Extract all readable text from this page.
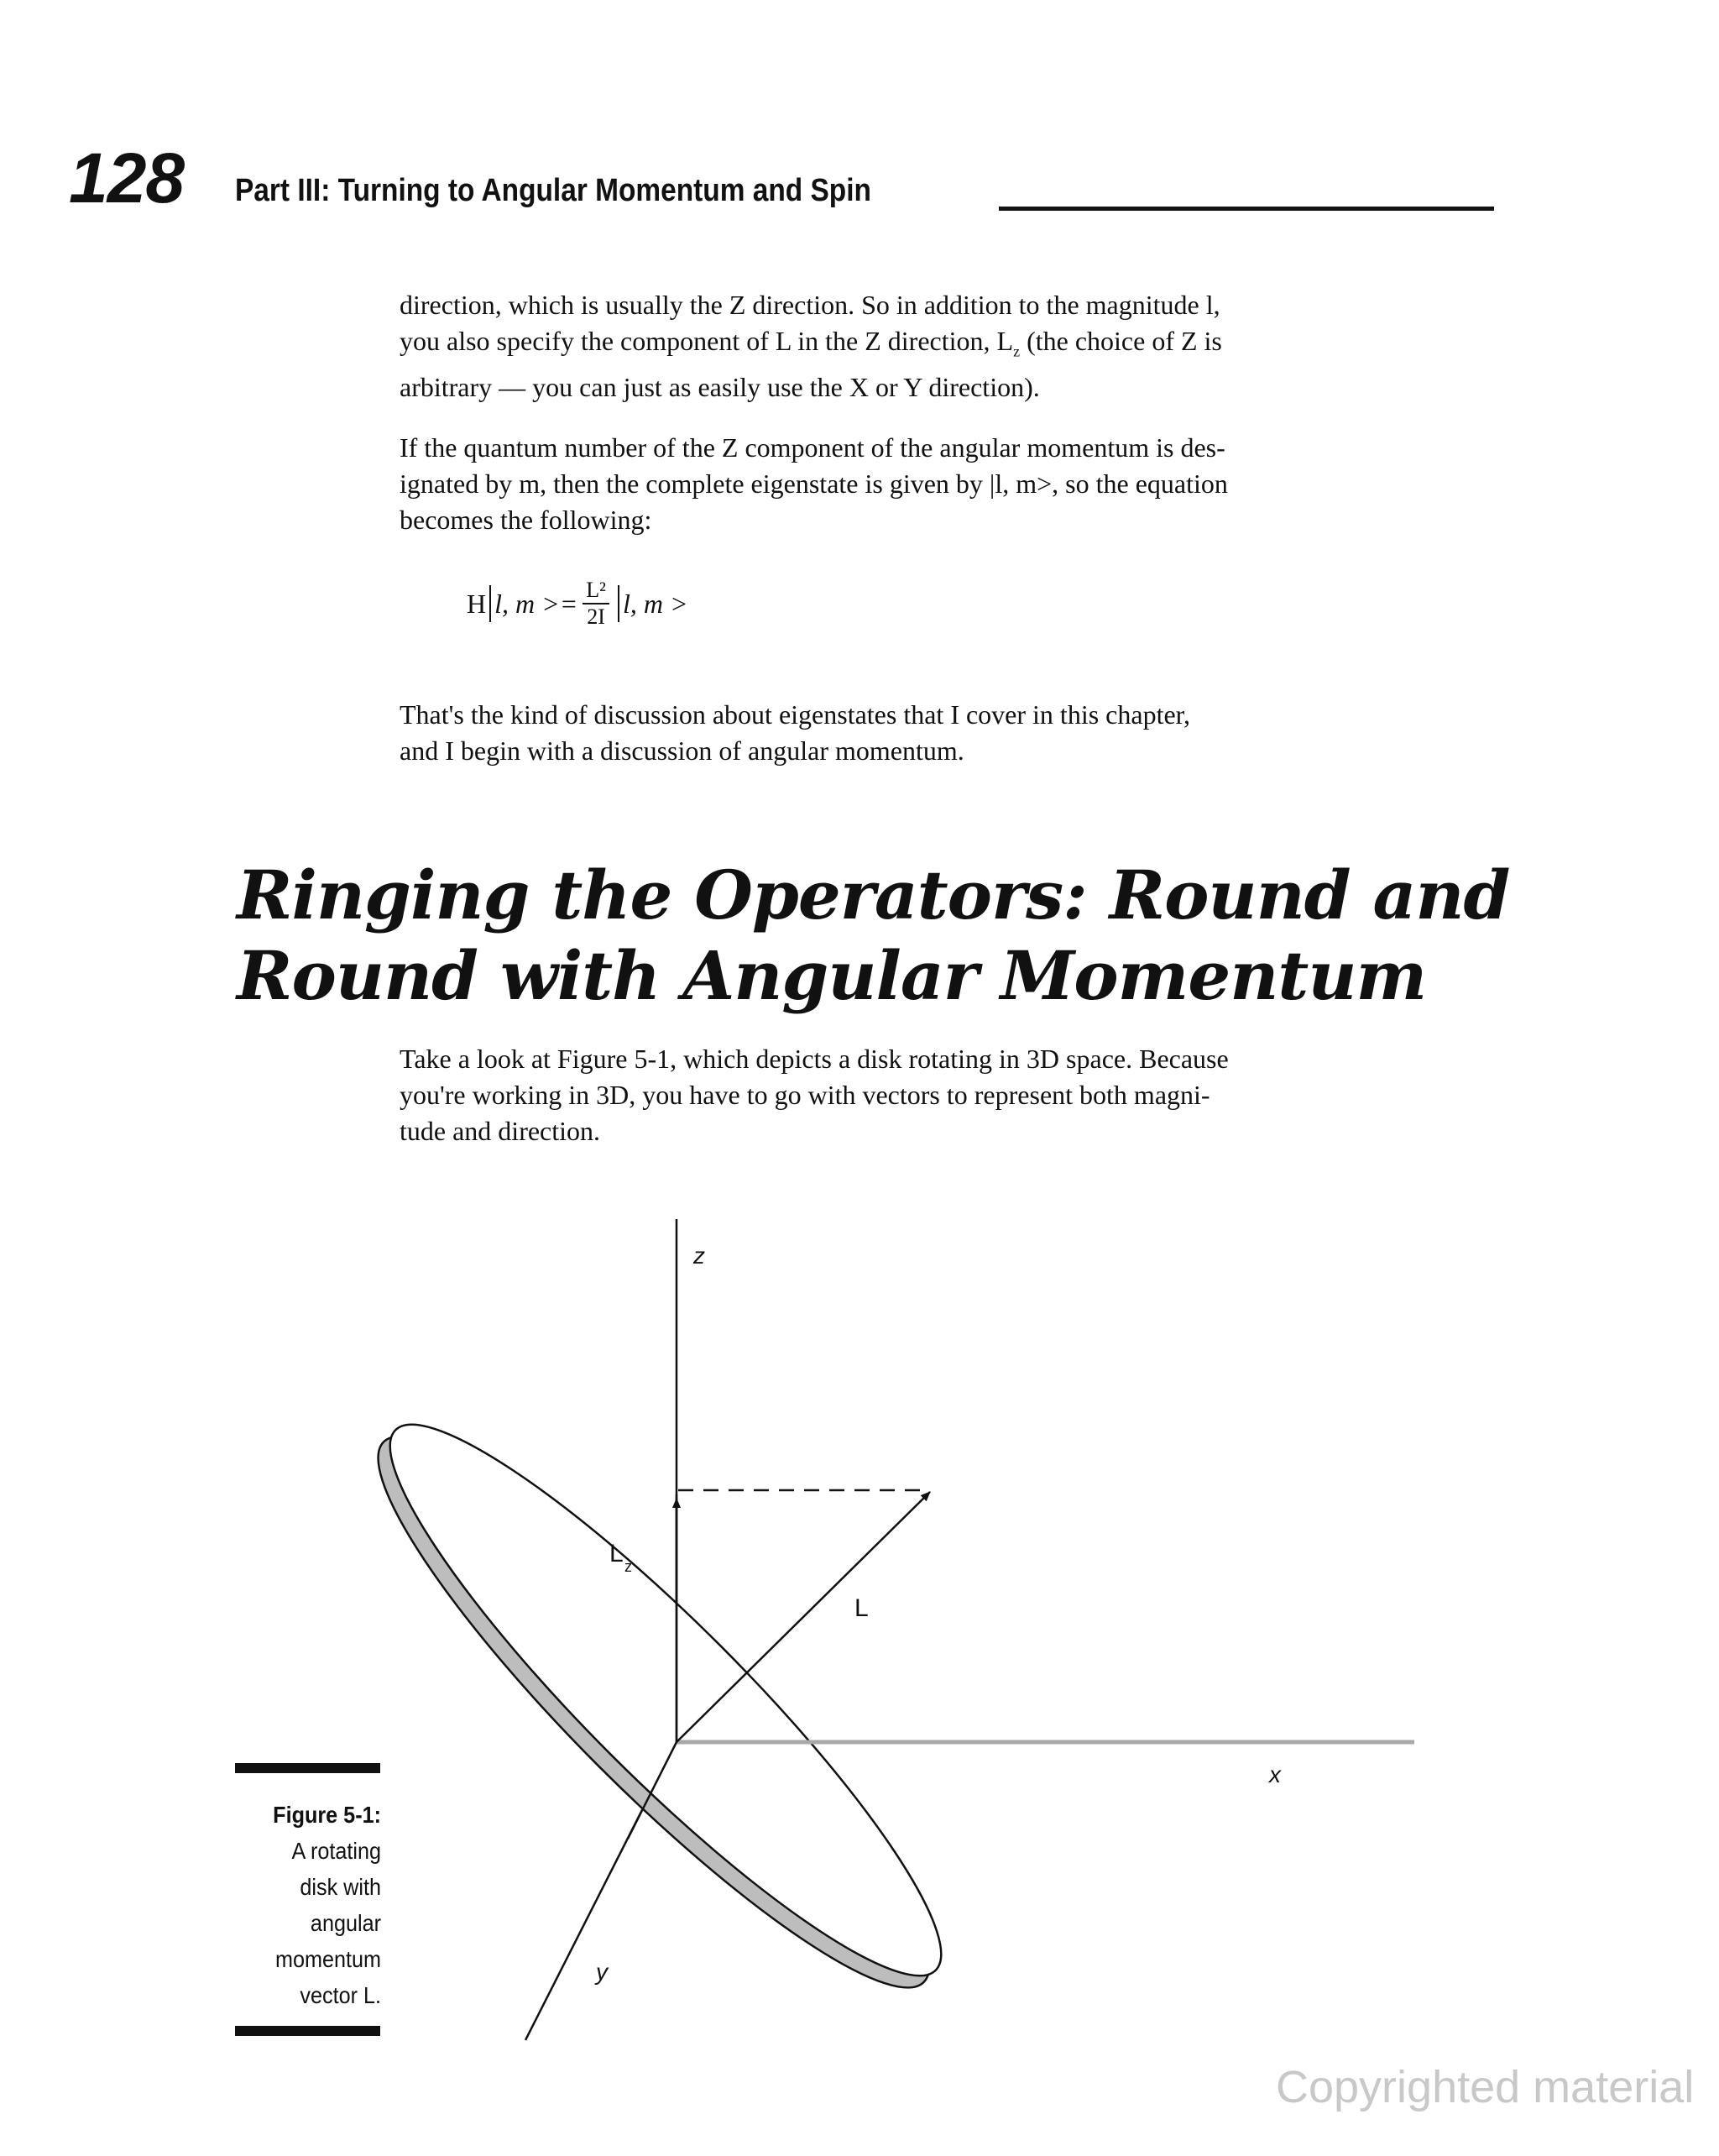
128 Part III: Turning to Angular Momentum and Spin
direction, which is usually the Z direction. So in addition to the magnitude l,
you also specify the component of L in the Z direction, $L_z$ (the choice of Z is
arbitrary — you can just as easily use the X or Y direction).
If the quantum number of the Z component of the angular momentum is des-
ignated by m, then the complete eigenstate is given by |l, m>, so the equation
becomes the following:
H l, $m >= \frac{\text{L²}}{2I} l$, m >
That's the kind of discussion about eigenstates that I cover in this chapter,
and I begin with a discussion of angular momentum.
Ringing the Operators: Round and
Round with Angular Momentum
Take a look at Figure 5-1, which depicts a disk rotating in 3D space. Because
you're working in 3D, you have to go with vectors to represent both magni-
tude and direction.
z
x
y
L
L z
Figure 5-1:
A rotating
disk with
angular
momentum
vector L.
Copyrighted material
